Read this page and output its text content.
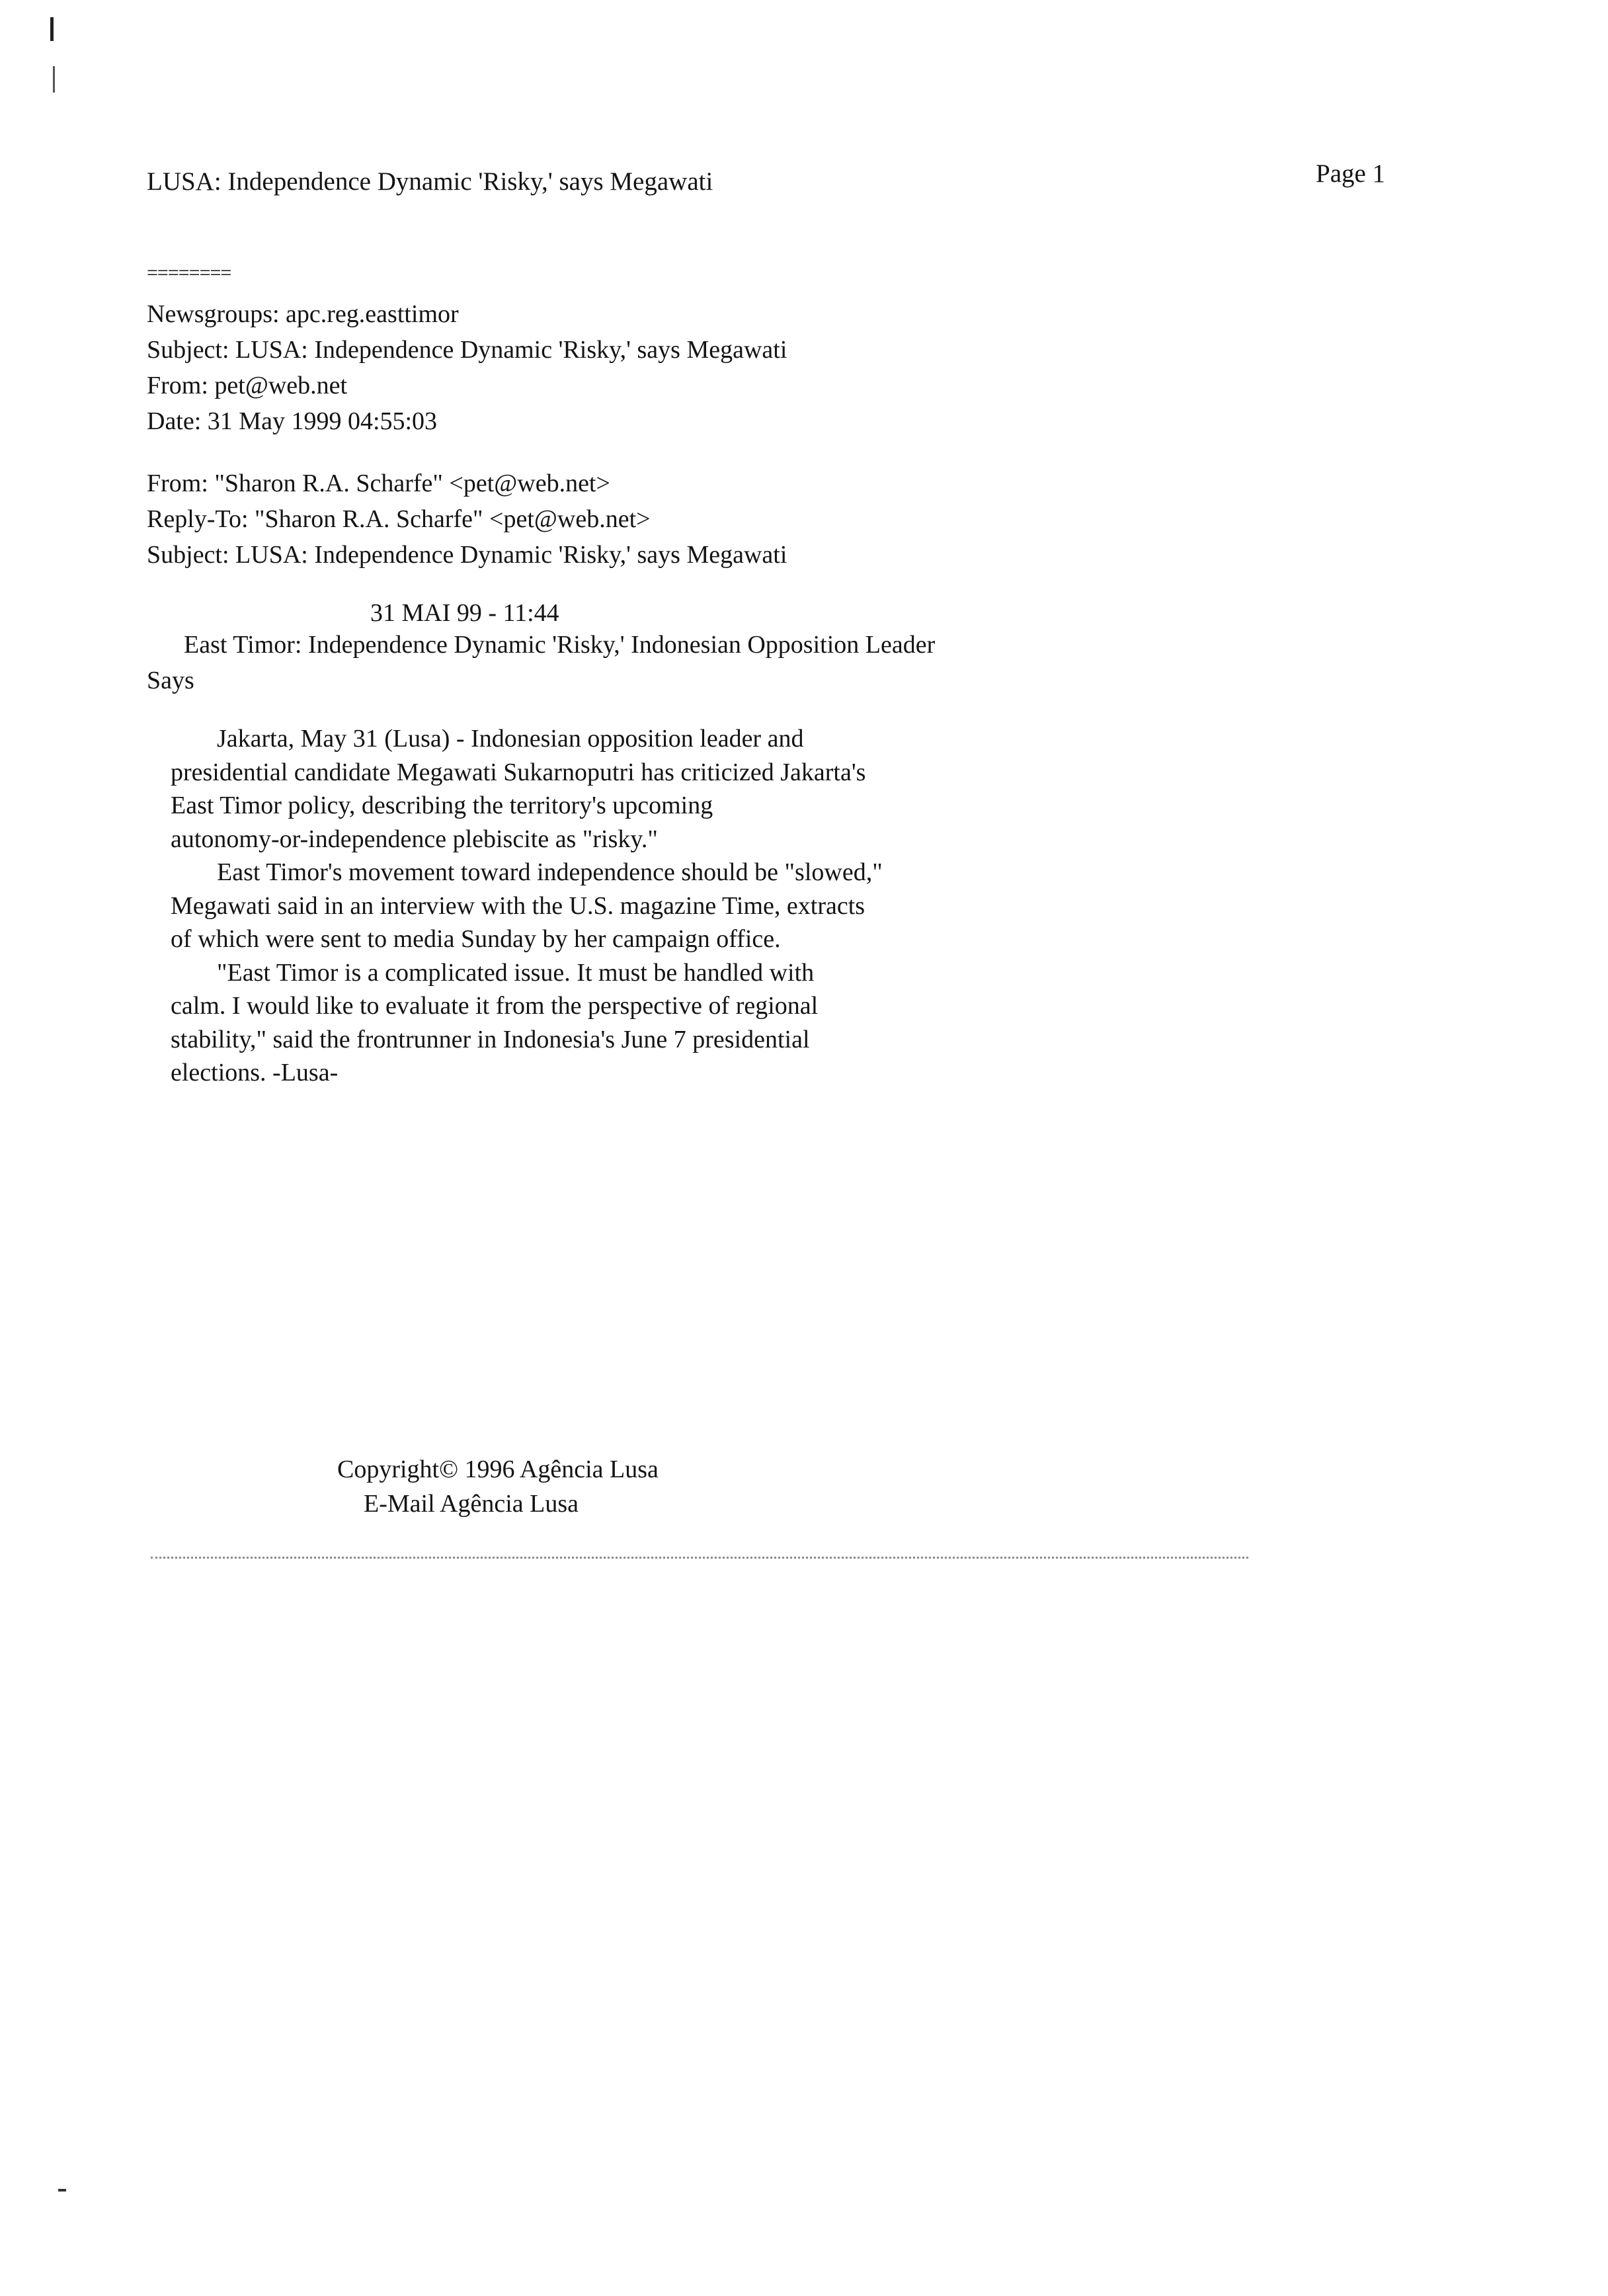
LUSA: Independence Dynamic 'Risky,' says Megawati	Page 1
========
Newsgroups: apc.reg.easttimor
Subject: LUSA: Independence Dynamic 'Risky,' says Megawati
From: pet@web.net
Date: 31 May 1999 04:55:03
From: "Sharon R.A. Scharfe" <pet@web.net>
Reply-To: "Sharon R.A. Scharfe" <pet@web.net>
Subject: LUSA: Independence Dynamic 'Risky,' says Megawati
31 MAI 99 - 11:44
East Timor: Independence Dynamic 'Risky,' Indonesian Opposition Leader
Says
Jakarta, May 31 (Lusa) - Indonesian opposition leader and
presidential candidate Megawati Sukarnoputri has criticized Jakarta's
East Timor policy, describing the territory's upcoming
autonomy-or-independence plebiscite as "risky."
East Timor's movement toward independence should be "slowed,"
Megawati said in an interview with the U.S. magazine Time, extracts
of which were sent to media Sunday by her campaign office.
"East Timor is a complicated issue. It must be handled with
calm. I would like to evaluate it from the perspective of regional
stability," said the frontrunner in Indonesia's June 7 presidential
elections. -Lusa-
Copyright© 1996 Agência Lusa
E-Mail Agência Lusa
